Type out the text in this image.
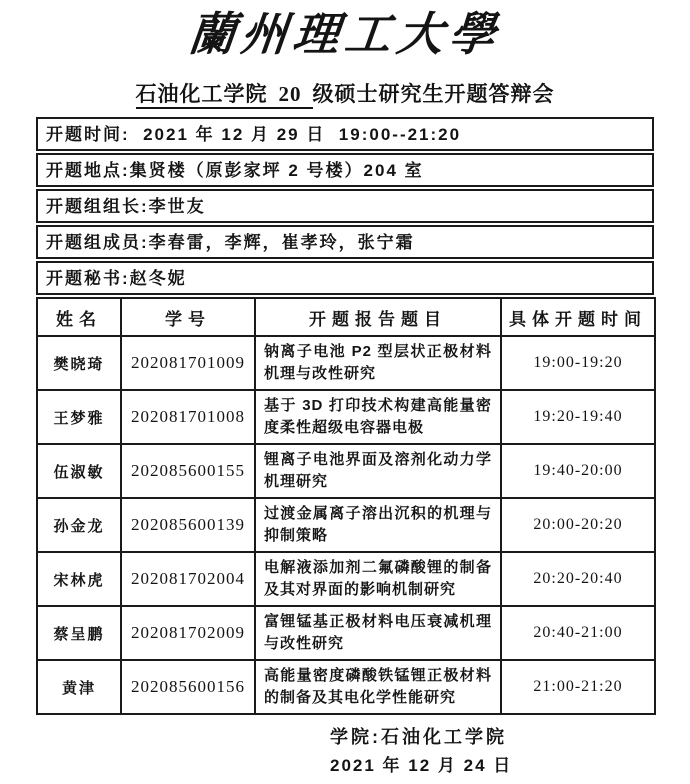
蘭州理工大學
石油化工学院 20 级硕士研究生开题答辩会
开题时间:  2021 年 12 月 29 日  19:00--21:20
开题地点:集贤楼（原彭家坪 2 号楼）204 室
开题组组长:李世友
开题组成员:李春雷，李辉，崔孝玲，张宁霜
开题秘书:赵冬妮
姓名	学号	开题报告题目	具体开题时间
樊晓琦	202081701009	钠离子电池 P2 型层状正极材料机理与改性研究	19:00-19:20
王梦雅	202081701008	基于 3D 打印技术构建高能量密度柔性超级电容器电极	19:20-19:40
伍淑敏	202085600155	锂离子电池界面及溶剂化动力学机理研究	19:40-20:00
孙金龙	202085600139	过渡金属离子溶出沉积的机理与抑制策略	20:00-20:20
宋林虎	202081702004	电解液添加剂二氟磷酸锂的制备及其对界面的影响机制研究	20:20-20:40
蔡呈鹏	202081702009	富锂锰基正极材料电压衰减机理与改性研究	20:40-21:00
黄津	202085600156	高能量密度磷酸铁锰锂正极材料的制备及其电化学性能研究	21:00-21:20
学院:石油化工学院
2021 年 12 月 24 日
